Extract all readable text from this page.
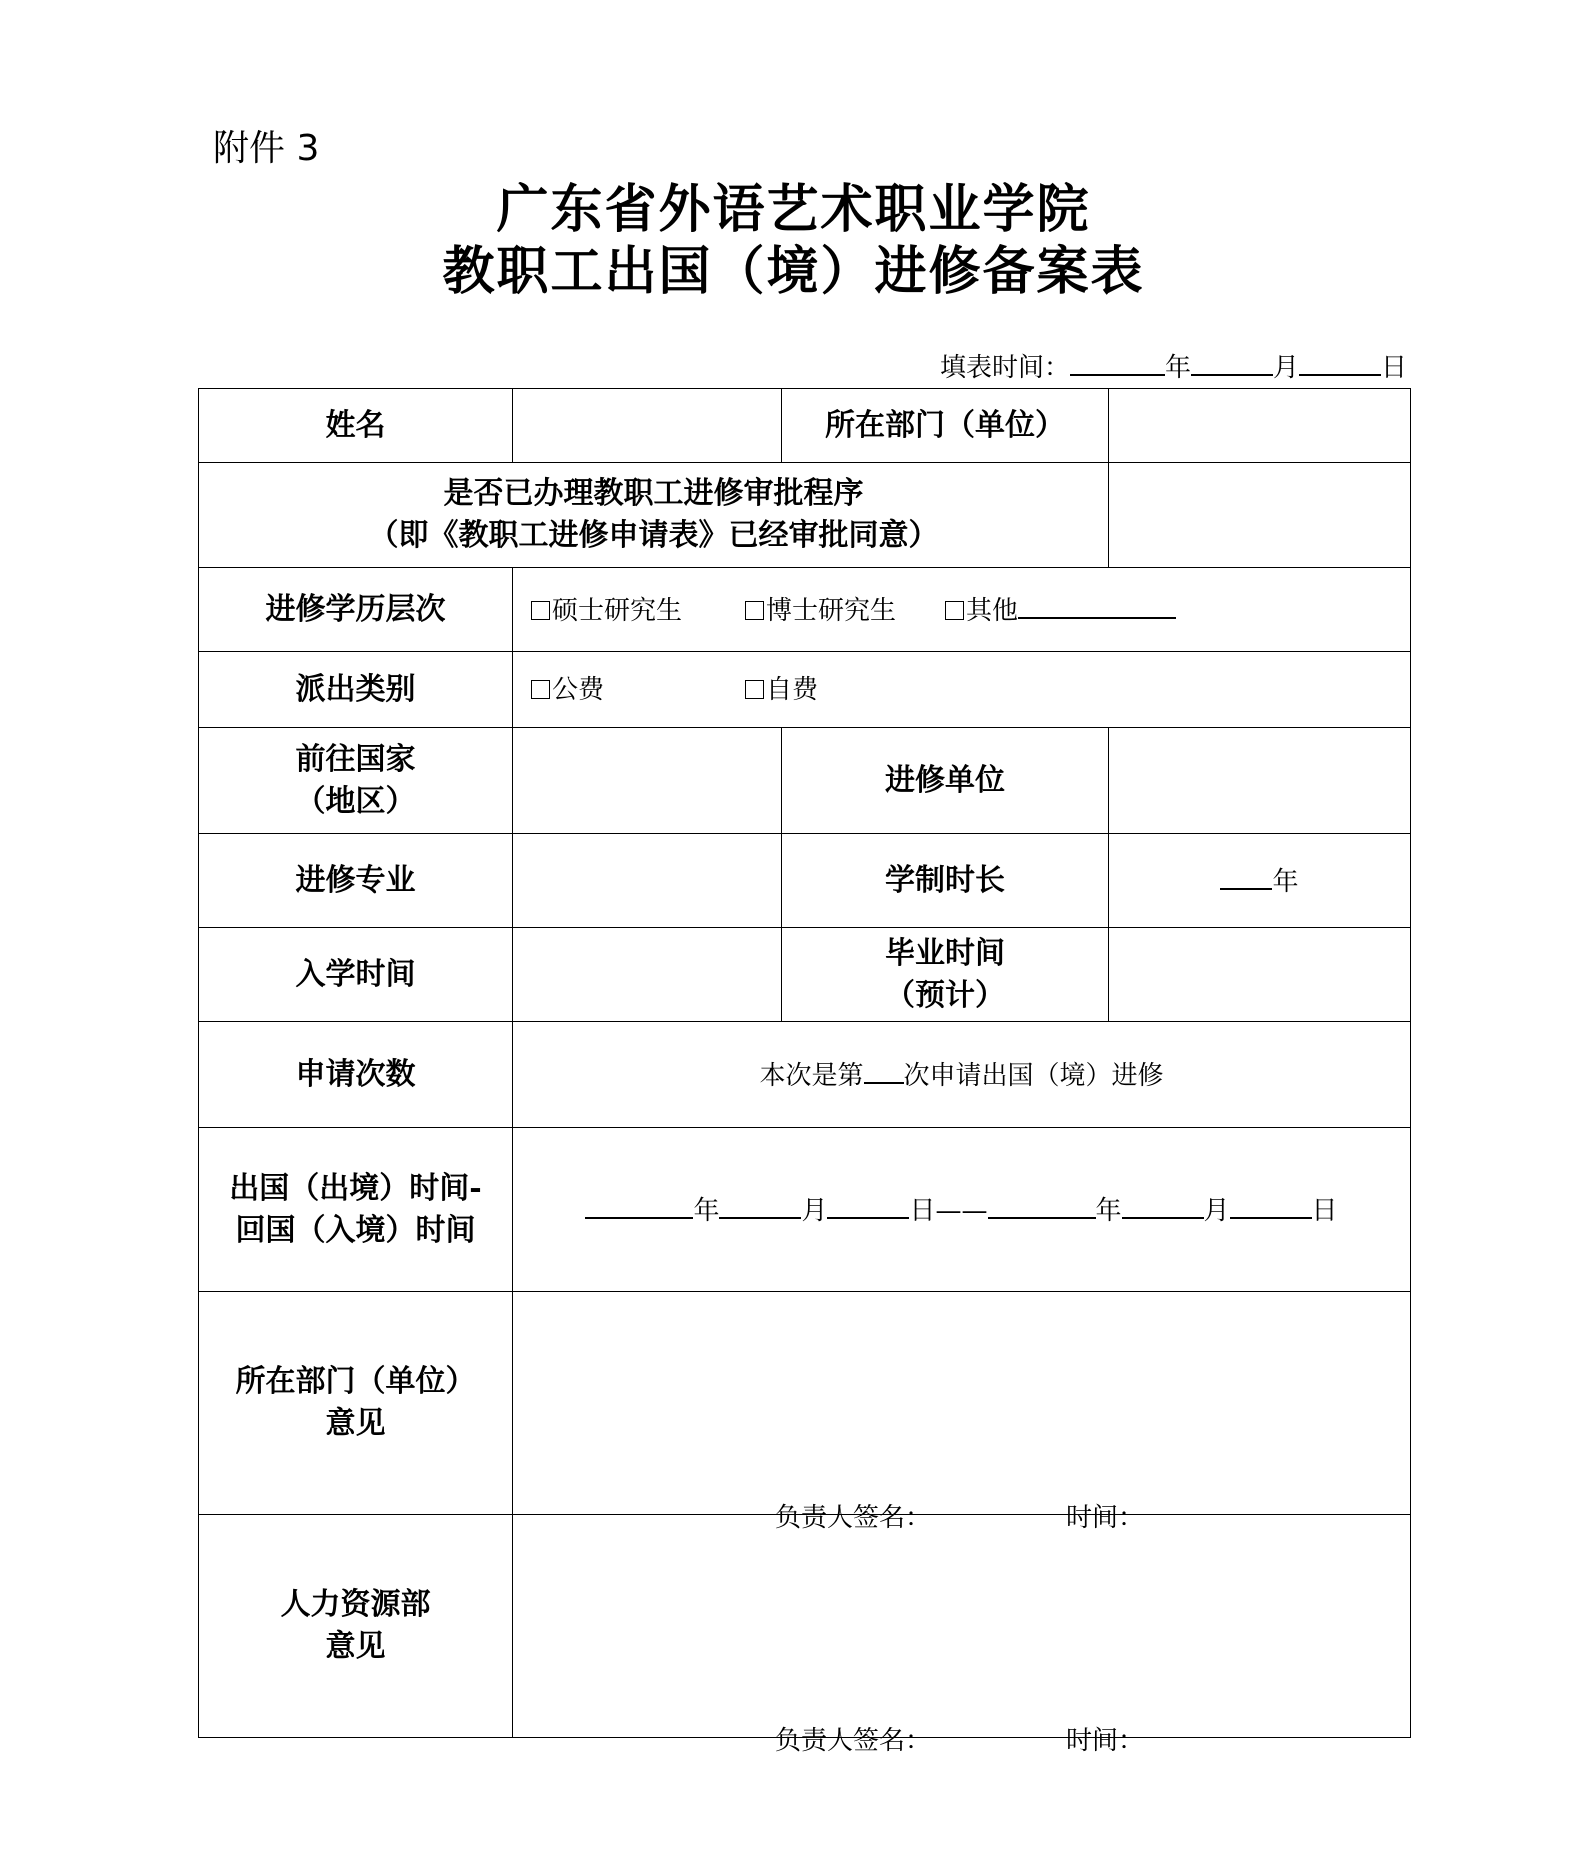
附件 3
广东省外语艺术职业学院
教职工出国（境）进修备案表
填表时间：	年	月	日
姓名		所在部门（单位）	

是否已办理教职工进修审批程序
（即《教职工进修申请表》已经审批同意）			

进修学历层次	硕士研究生 博士研究生 其他		
派出类别	公费 自费		

前往国家
（地区）		进修单位	
进修专业		学制时长	年
入学时间		毕业时间
（预计）	

申请次数	本次是第 次申请出国（境）进修		

出国（出境）时间-
回国（入境）时间	年 月 日—— 年 月 日		

所在部门（单位）
意见	负责人签名： 时间：		

人力资源部
意见	负责人签名： 时间：		
